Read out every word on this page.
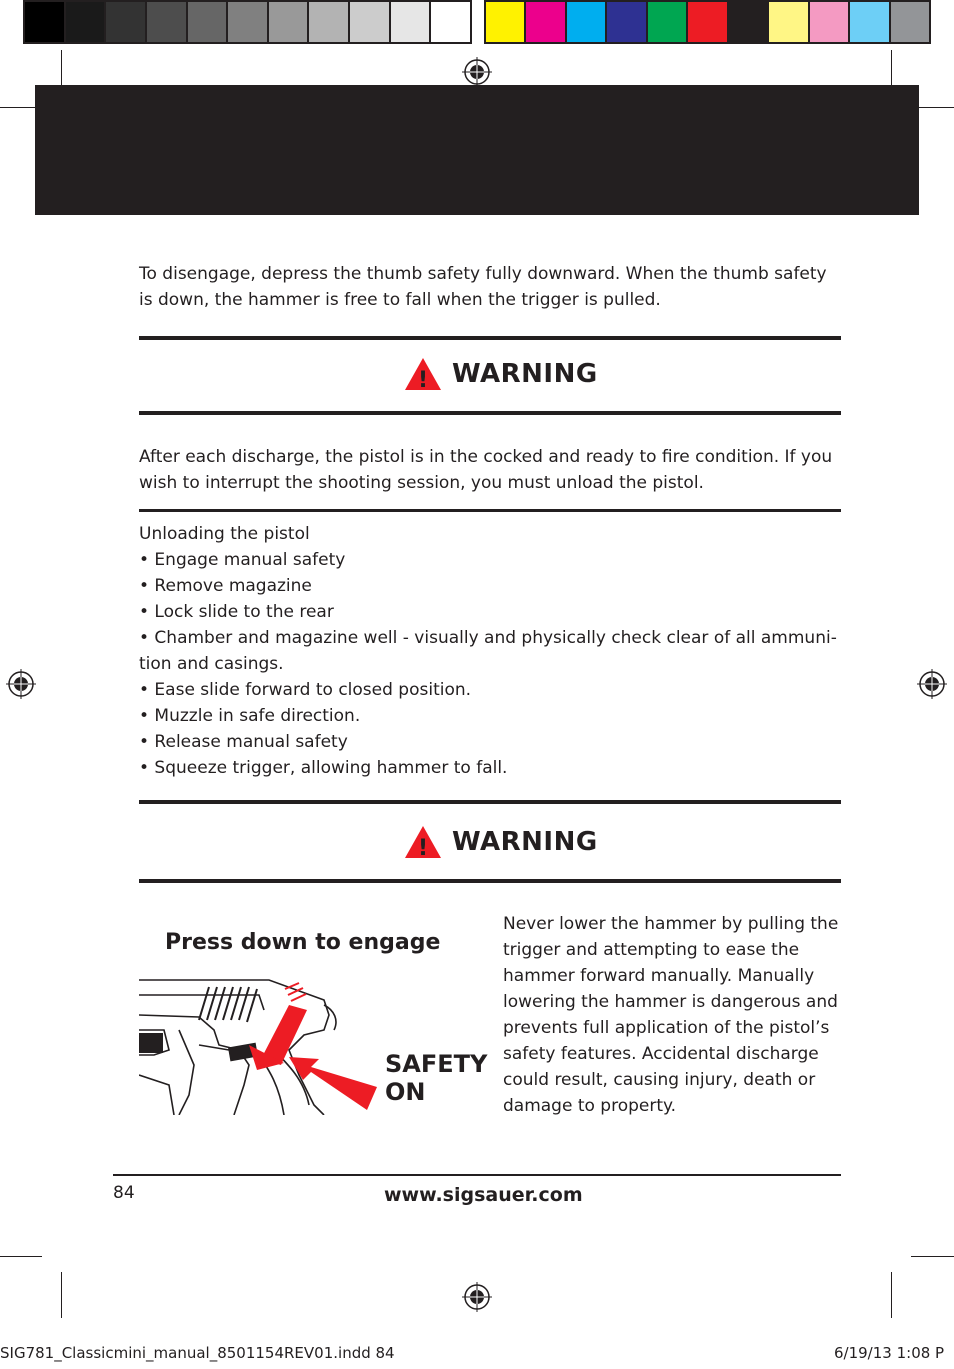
To disengage, depress the thumb safety fully downward. When the thumb safety is down, the hammer is free to fall when the trigger is pulled.
! WARNING
After each discharge, the pistol is in the cocked and ready to fire condition. If you wish to interrupt the shooting session, you must unload the pistol.
Unloading the pistol
• Engage manual safety
• Remove magazine
• Lock slide to the rear
• Chamber and magazine well - visually and physically check clear of all ammuni-
tion and casings.
• Ease slide forward to closed position.
• Muzzle in safe direction.
• Release manual safety
• Squeeze trigger, allowing hammer to fall.
! WARNING
Press down to engage
SAFETY
ON
Never lower the hammer by pulling the trigger and attempting to ease the hammer forward manually. Manually lowering the hammer is dangerous and prevents full application of the pistol’s safety features. Accidental discharge could result, causing injury, death or damage to property.
84	www.sigsauer.com
SIG781_Classicmini_manual_8501154REV01.indd 84	6/19/13 1:08 P
